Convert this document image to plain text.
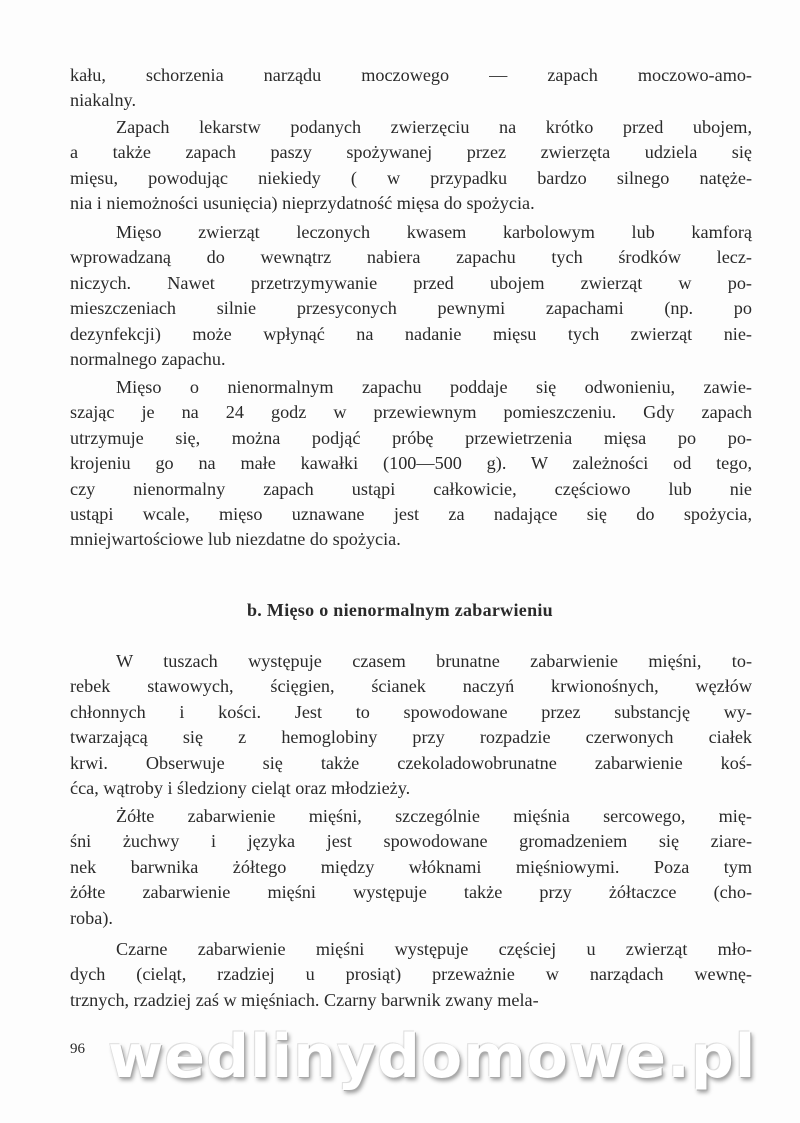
kału, schorzenia narządu moczowego — zapach moczowo-amo-
niakalny.
Zapach lekarstw podanych zwierzęciu na krótko przed ubojem,
a także zapach paszy spożywanej przez zwierzęta udziela się
mięsu, powodując niekiedy ( w przypadku bardzo silnego natęże-
nia i niemożności usunięcia) nieprzydatność mięsa do spożycia.
Mięso zwierząt leczonych kwasem karbolowym lub kamforą
wprowadzaną do wewnątrz nabiera zapachu tych środków lecz-
niczych. Nawet przetrzymywanie przed ubojem zwierząt w po-
mieszczeniach silnie przesyconych pewnymi zapachami (np. po
dezynfekcji) może wpłynąć na nadanie mięsu tych zwierząt nie-
normalnego zapachu.
Mięso o nienormalnym zapachu poddaje się odwonieniu, zawie-
szając je na 24 godz w przewiewnym pomieszczeniu. Gdy zapach
utrzymuje się, można podjąć próbę przewietrzenia mięsa po po-
krojeniu go na małe kawałki (100—500 g). W zależności od tego,
czy nienormalny zapach ustąpi całkowicie, częściowo lub nie
ustąpi wcale, mięso uznawane jest za nadające się do spożycia,
mniejwartościowe lub niezdatne do spożycia.
b. Mięso o nienormalnym zabarwieniu
W tuszach występuje czasem brunatne zabarwienie mięśni, to-
rebek stawowych, ścięgien, ścianek naczyń krwionośnych, węzłów
chłonnych i kości. Jest to spowodowane przez substancję wy-
twarzającą się z hemoglobiny przy rozpadzie czerwonych ciałek
krwi. Obserwuje się także czekoladowobrunatne zabarwienie koś-
ćca, wątroby i śledziony cieląt oraz młodzieży.
Żółte zabarwienie mięśni, szczególnie mięśnia sercowego, mię-
śni żuchwy i języka jest spowodowane gromadzeniem się ziare-
nek barwnika żółtego między włóknami mięśniowymi. Poza tym
żółte zabarwienie mięśni występuje także przy żółtaczce (cho-
roba).
Czarne zabarwienie mięśni występuje częściej u zwierząt mło-
dych (cieląt, rzadziej u prosiąt) przeważnie w narządach wewnę-
trznych, rzadziej zaś w mięśniach. Czarny barwnik zwany mela-
96 wedlinydomowe.pl
